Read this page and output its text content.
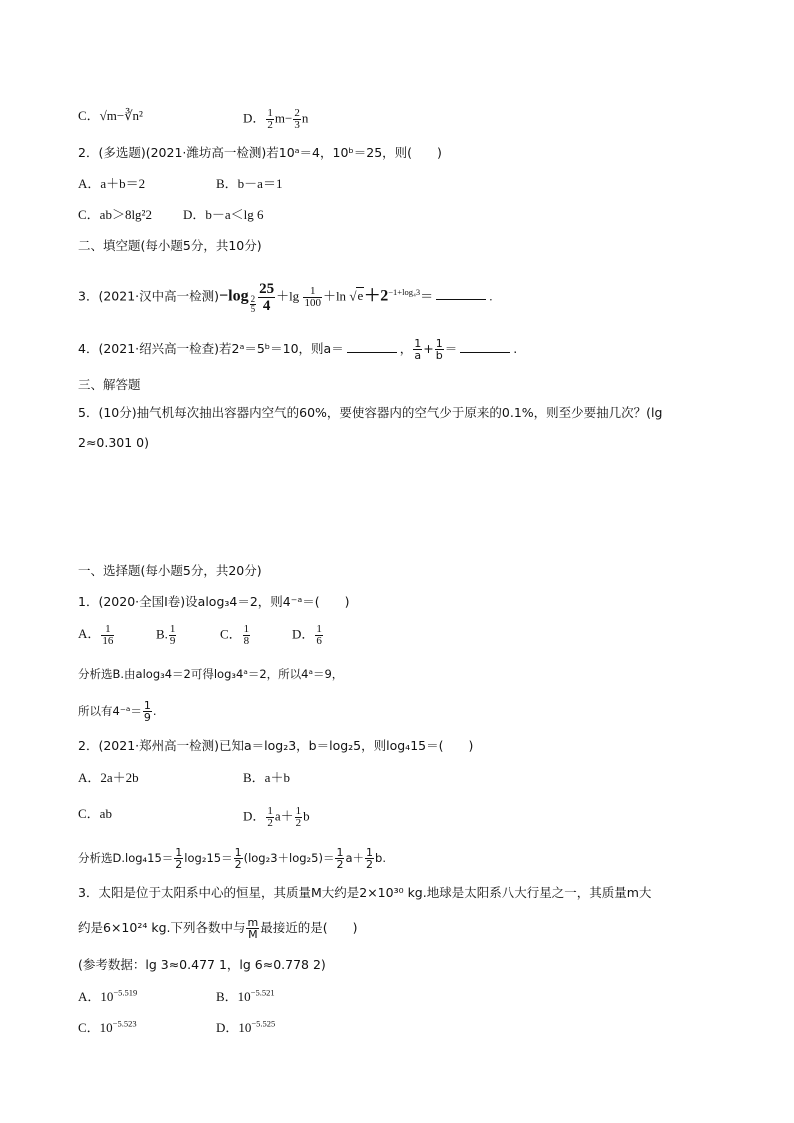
C．√m−∛n²	D． $\frac{1}{2} m- \frac{2}{3}$ n
2．(多选题)(2021·潍坊高一检测)若10ᵃ＝4，10ᵇ＝25，则(　　)
A．a＋b＝2	B．b－a＝1
C．ab＞8lg²2 D．b－a＜lg 6
二、填空题(每小题5分，共10分)
3．(2021·汉中高一检测)$-\log \frac{2}{5} \frac{25}{4} +\lg \frac{1}{100} +\ln$ $√e+2^{-1+log_43}=$	.
4．(2021·绍兴高一检查)若2ᵃ＝5ᵇ＝10，则a＝	， $\frac{1}{a} + \frac{1}{b}$ ＝	.
三、解答题
5．(10分)抽气机每次抽出容器内空气的60%，要使容器内的空气少于原来的0.1%，则至少要抽几次？(lg
2≈0.301 0)
一、选择题(每小题5分，共20分)
1．(2020·全国Ⅰ卷)设alog₃4＝2，则4⁻ᵃ＝(　　)
A． $\frac{1}{16}$	B. $\frac{1}{9}$	C． $\frac{1}{8}$	D． $\frac{1}{6}$
分析选B.由alog₃4＝2可得log₃4ᵃ＝2，所以4ᵃ＝9，
所以有4⁻ᵃ＝ $\frac{1}{9}$ .
2．(2021·郑州高一检测)已知a＝log₂3，b＝log₂5，则log₄15＝(　　)
A．2a＋2b	B．a＋b
C．ab	D． $\frac{1}{2} a+ \frac{1}{2}$ b
分析选$D.\log_415= \frac{1}{2} \log_215= \frac{1}{2} (\log_23+\log_25)= \frac{1}{2} a+ \frac{1}{2} b$.
3．太阳是位于太阳系中心的恒星，其质量M大约是2×10³⁰ kg.地球是太阳系八大行星之一，其质量m大
约是6×10²⁴ kg.下列各数中与 $\frac{m}{M}$ 最接近的是(　　)
(参考数据：lg 3≈0.477 1，lg 6≈0.778 2)
A．$10^{-5.519}$	B．$10^{-5.521}$
C．$10^{-5.523}$	D．$10^{-5.525}$
